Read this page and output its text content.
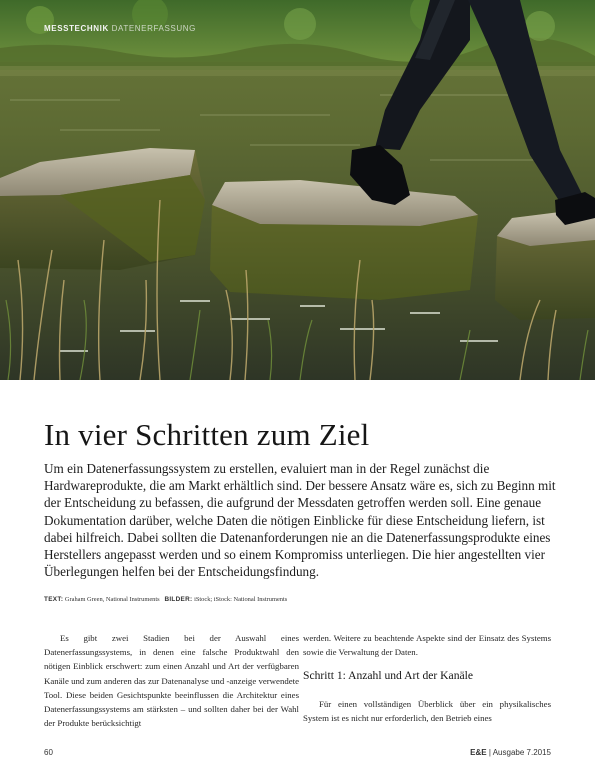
MESSTECHNIK DATENERFASSUNG
In vier Schritten zum Ziel

Um ein Datenerfassungssystem zu erstellen, evaluiert man in der Regel zunächst die Hardwareprodukte, die am Markt erhältlich sind. Der bessere Ansatz wäre es, sich zu Beginn mit der Entscheidung zu befassen, die aufgrund der Messdaten getroffen werden soll. Eine genaue Dokumentation darüber, welche Daten die nötigen Einblicke für diese Entscheidung liefern, ist dabei hilfreich. Dabei sollten die Datenanforderungen nie an die Datenerfassungsprodukte eines Herstellers angepasst werden und so einem Kompromiss unterliegen. Die hier angestellten vier Überlegungen helfen bei der Entscheidungsfindung.

TEXT: Graham Green, National Instruments BILDER: iStock; iStock: National Instruments

Es gibt zwei Stadien bei der Auswahl eines Datenerfassungssystems, in denen eine falsche Produktwahl den nötigen Einblick erschwert: zum einen Anzahl und Art der verfügbaren Kanäle und zum anderen das zur Datenanalyse und -anzeige verwendete Tool. Diese beiden Gesichtspunkte beeinflussen die Architektur eines Datenerfassungssystems am stärksten – und sollten daher bei der Wahl der Produkte berücksichtigt

werden. Weitere zu beachtende Aspekte sind der Einsatz des Systems sowie die Verwaltung der Daten.

Schritt 1: Anzahl und Art der Kanäle

Für einen vollständigen Überblick über ein physikalisches System ist es nicht nur erforderlich, den Betrieb eines

60	E&E | Ausgabe 7.2015
